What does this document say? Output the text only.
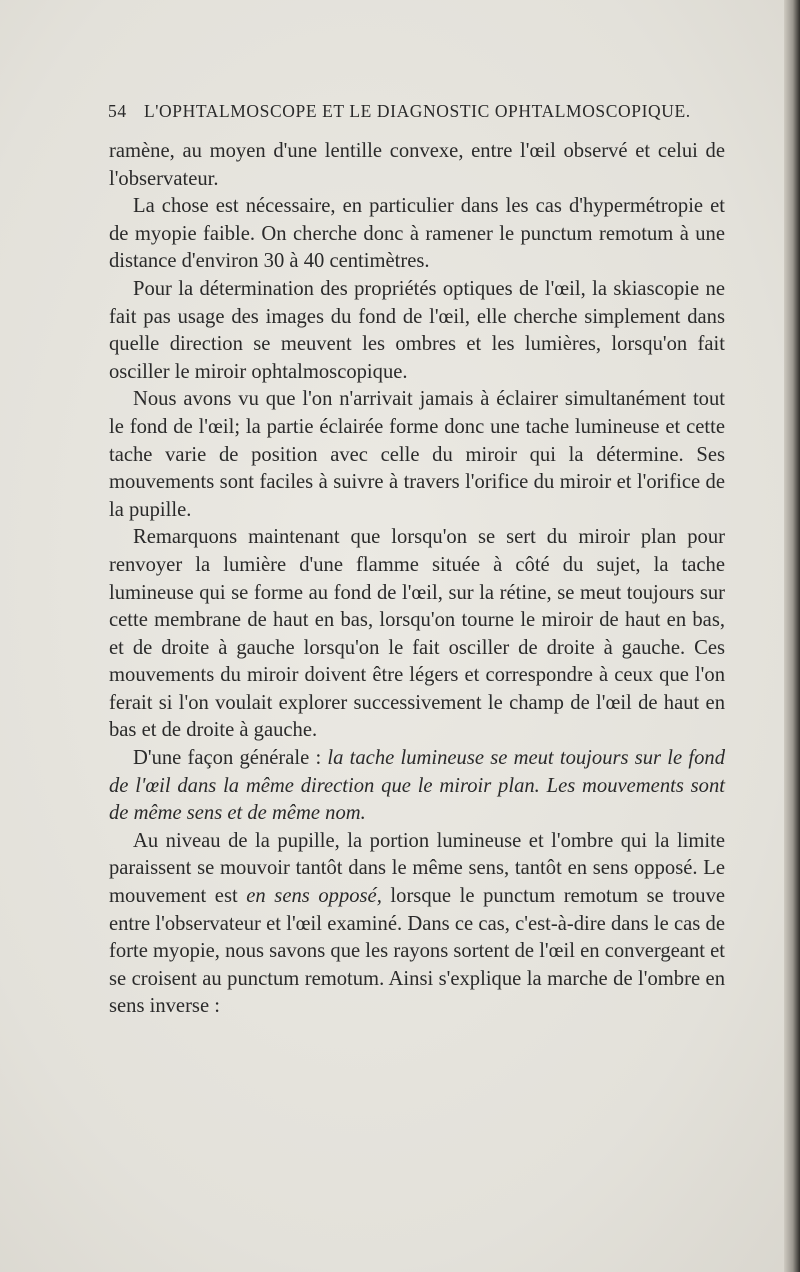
54 L'OPHTALMOSCOPE ET LE DIAGNOSTIC OPHTALMOSCOPIQUE.

ramène, au moyen d'une lentille convexe, entre l'œil observé et celui de l'observateur.

La chose est nécessaire, en particulier dans les cas d'hypermétropie et de myopie faible. On cherche donc à ramener le punctum remotum à une distance d'environ 30 à 40 centimètres.

Pour la détermination des propriétés optiques de l'œil, la skiascopie ne fait pas usage des images du fond de l'œil, elle cherche simplement dans quelle direction se meuvent les ombres et les lumières, lorsqu'on fait osciller le miroir ophtalmoscopique.

Nous avons vu que l'on n'arrivait jamais à éclairer simultanément tout le fond de l'œil; la partie éclairée forme donc une tache lumineuse et cette tache varie de position avec celle du miroir qui la détermine. Ses mouvements sont faciles à suivre à travers l'orifice du miroir et l'orifice de la pupille.

Remarquons maintenant que lorsqu'on se sert du miroir plan pour renvoyer la lumière d'une flamme située à côté du sujet, la tache lumineuse qui se forme au fond de l'œil, sur la rétine, se meut toujours sur cette membrane de haut en bas, lorsqu'on tourne le miroir de haut en bas, et de droite à gauche lorsqu'on le fait osciller de droite à gauche. Ces mouvements du miroir doivent être légers et correspondre à ceux que l'on ferait si l'on voulait explorer successivement le champ de l'œil de haut en bas et de droite à gauche.

D'une façon générale : la tache lumineuse se meut toujours sur le fond de l'œil dans la même direction que le miroir plan. Les mouvements sont de même sens et de même nom.

Au niveau de la pupille, la portion lumineuse et l'ombre qui la limite paraissent se mouvoir tantôt dans le même sens, tantôt en sens opposé. Le mouvement est en sens opposé, lorsque le punctum remotum se trouve entre l'observateur et l'œil examiné. Dans ce cas, c'est-à-dire dans le cas de forte myopie, nous savons que les rayons sortent de l'œil en convergeant et se croisent au punctum remotum. Ainsi s'explique la marche de l'ombre en sens inverse :
